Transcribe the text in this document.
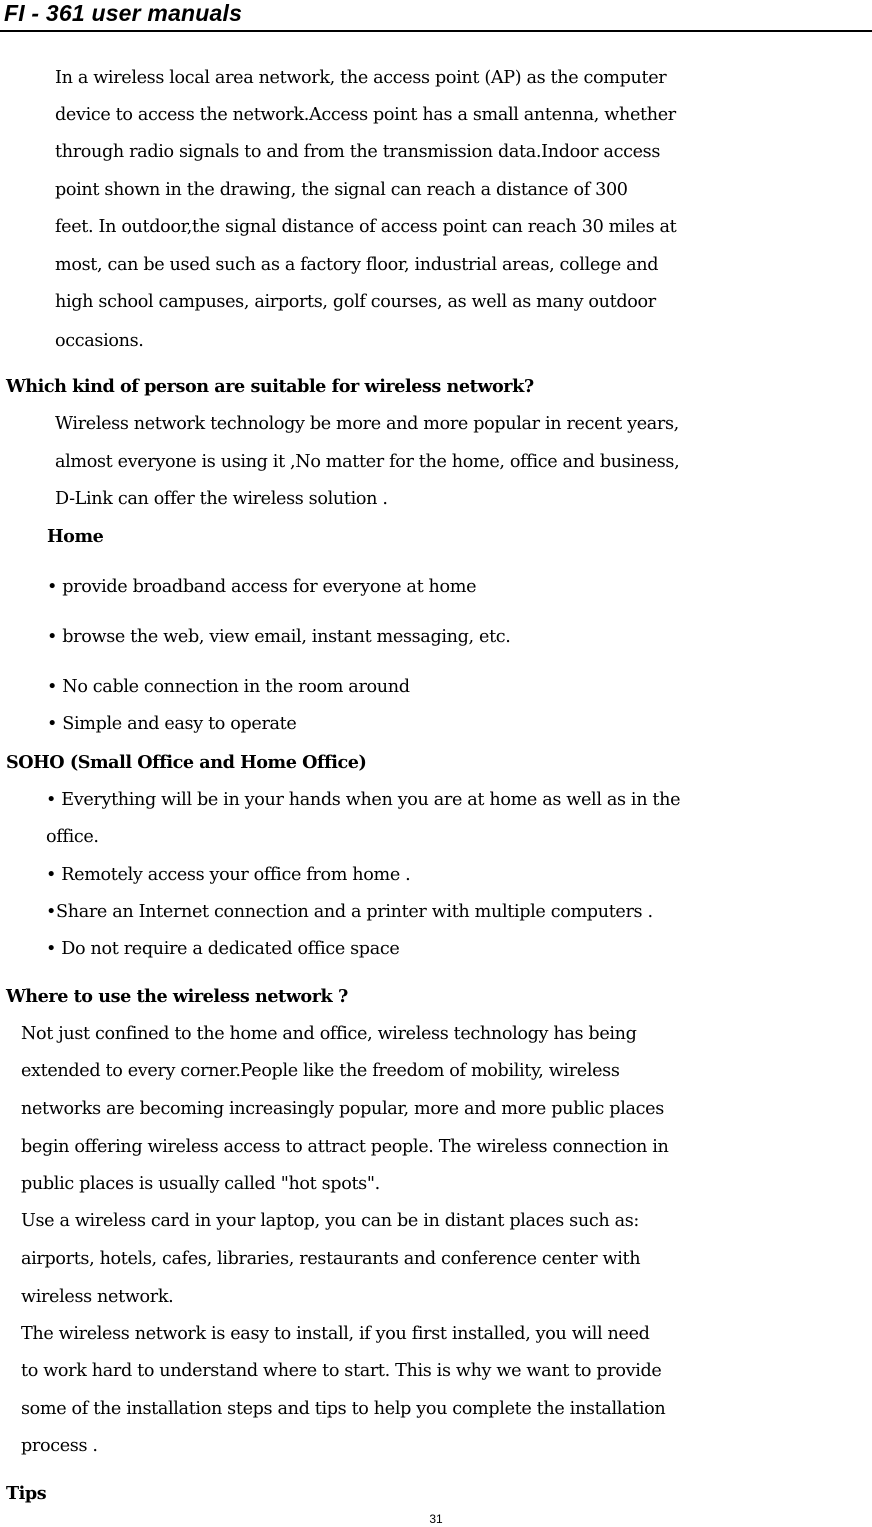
FI - 361 user manuals
In a wireless local area network, the access point (AP) as the computer
device to access the network.Access point has a small antenna, whether
through radio signals to and from the transmission data.Indoor access
point shown in the drawing, the signal can reach a distance of 300
feet. In outdoor,the signal distance of access point can reach 30 miles at
most, can be used such as a factory floor, industrial areas, college and
high school campuses, airports, golf courses, as well as many outdoor
occasions.
Which kind of person are suitable for wireless network?
Wireless network technology be more and more popular in recent years,
almost everyone is using it ,No matter for the home, office and business,
D-Link can offer the wireless solution .
Home
• provide broadband access for everyone at home
• browse the web, view email, instant messaging, etc.
• No cable connection in the room around
• Simple and easy to operate
SOHO (Small Office and Home Office)
• Everything will be in your hands when you are at home as well as in the
office.
• Remotely access your office from home .
•Share an Internet connection and a printer with multiple computers .
• Do not require a dedicated office space
Where to use the wireless network ?
Not just confined to the home and office, wireless technology has being
extended to every corner.People like the freedom of mobility, wireless
networks are becoming increasingly popular, more and more public places
begin offering wireless access to attract people. The wireless connection in
public places is usually called "hot spots".
Use a wireless card in your laptop, you can be in distant places such as:
airports, hotels, cafes, libraries, restaurants and conference center with
wireless network.
The wireless network is easy to install, if you first installed, you will need
to work hard to understand where to start. This is why we want to provide
some of the installation steps and tips to help you complete the installation
process .
Tips
31
